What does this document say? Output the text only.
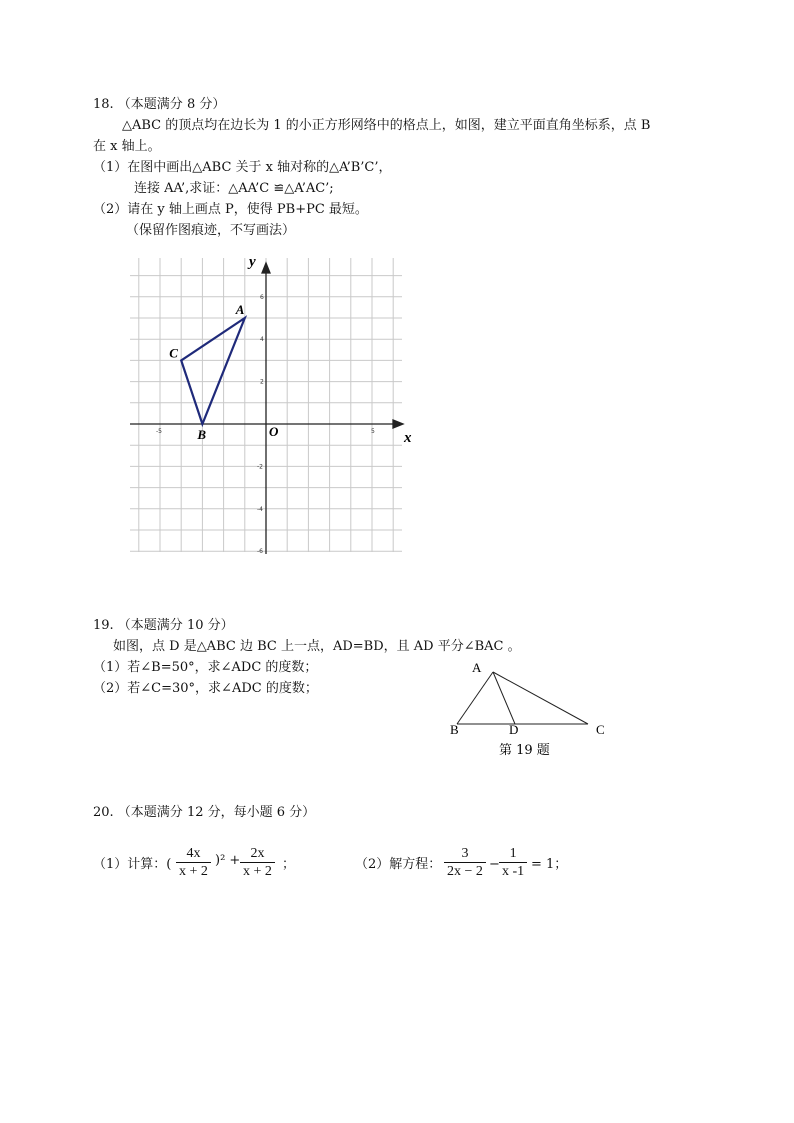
18. （本题满分 8 分）
△ABC 的顶点均在边长为 1 的小正方形网络中的格点上，如图，建立平面直角坐标系，点 B
在 x 轴上。
（1）在图中画出△ABC 关于 x 轴对称的△A’B’C’，
连接 AA’,求证：△AA’C ≌△A’AC’;
（2）请在 y 轴上画点 P，使得 PB+PC 最短。
（保留作图痕迹，不写画法）
-5	5
6
4
2
-2
-4
-6
A
B
C
O	x
y
19. （本题满分 10 分）
如图，点 D 是△ABC 边 BC 上一点，AD=BD，且 AD 平分∠BAC 。
（1）若∠B=50°，求∠ADC 的度数；
（2）若∠C=30°，求∠ADC 的度数；
A
B	D	C
第 19 题
20. （本题满分 12 分，每小题 6 分）
（1）计算：( $\frac{4x}{x + 2} )^2 + \frac{2x}{x + 2}$ ；	（2）解方程： $\frac{3}{2x - 2} - \frac{1}{x -1} = 1$；
